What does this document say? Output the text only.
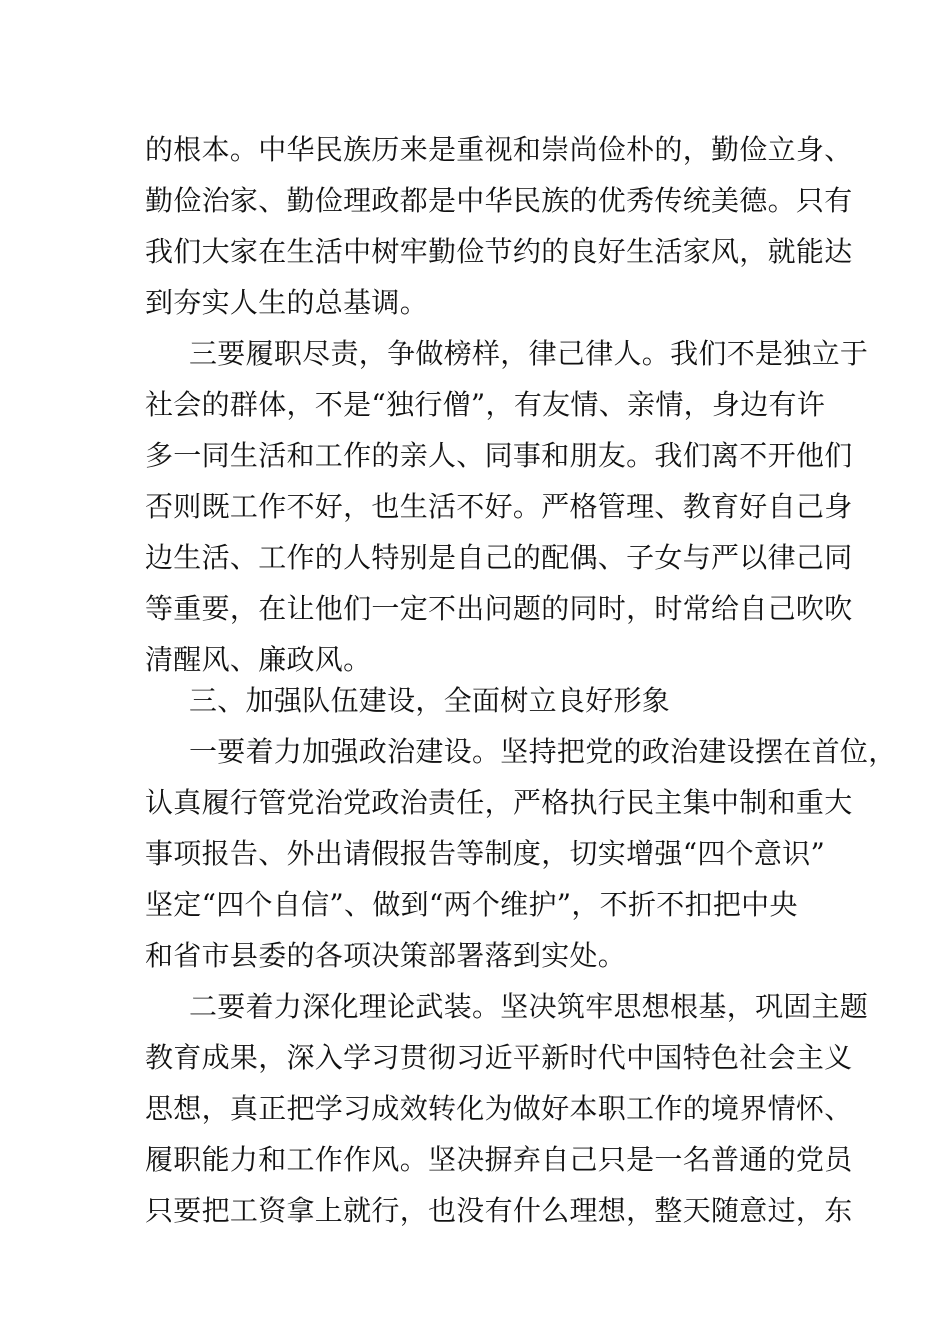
的根本。中华民族历来是重视和崇尚俭朴的，勤俭立身、
勤俭治家、勤俭理政都是中华民族的优秀传统美德。只有
我们大家在生活中树牢勤俭节约的良好生活家风，就能达
到夯实人生的总基调。
三要履职尽责，争做榜样，律己律人。我们不是独立于
社会的群体，不是“独行僧”，有友情、亲情，身边有许
多一同生活和工作的亲人、同事和朋友。我们离不开他们
否则既工作不好，也生活不好。严格管理、教育好自己身
边生活、工作的人特别是自己的配偶、子女与严以律己同
等重要，在让他们一定不出问题的同时，时常给自己吹吹
清醒风、廉政风。
三、加强队伍建设，全面树立良好形象
一要着力加强政治建设。坚持把党的政治建设摆在首位，
认真履行管党治党政治责任，严格执行民主集中制和重大
事项报告、外出请假报告等制度，切实增强“四个意识”
坚定“四个自信”、做到“两个维护”，不折不扣把中央
和省市县委的各项决策部署落到实处。
二要着力深化理论武装。坚决筑牢思想根基，巩固主题
教育成果，深入学习贯彻习近平新时代中国特色社会主义
思想，真正把学习成效转化为做好本职工作的境界情怀、
履职能力和工作作风。坚决摒弃自己只是一名普通的党员
只要把工资拿上就行，也没有什么理想，整天随意过，东
